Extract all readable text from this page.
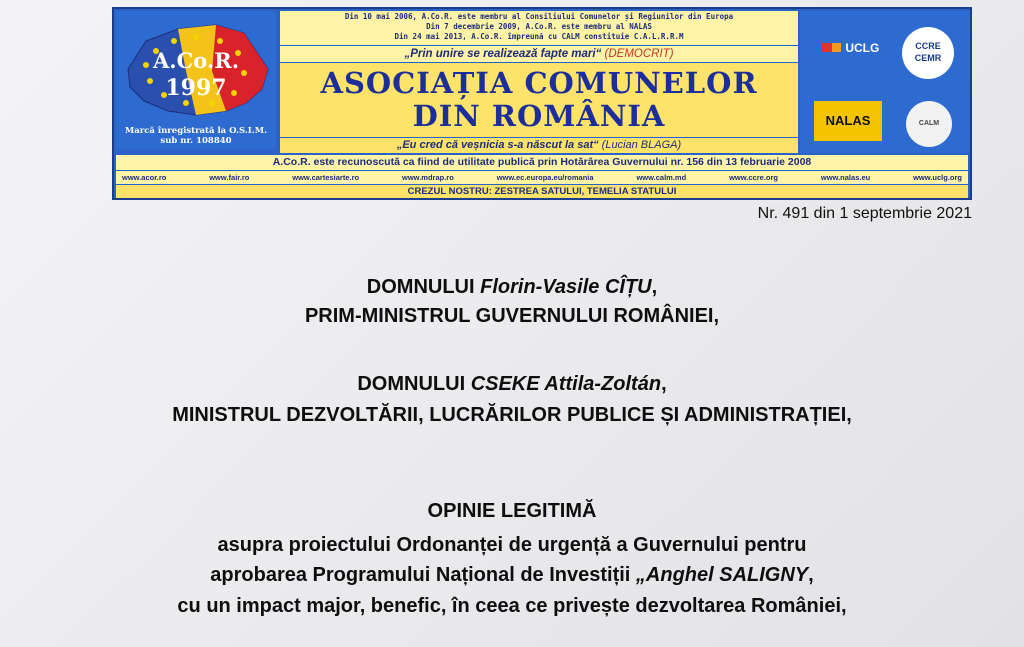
A.Co.R.
1997
Marcă înregistrată la O.S.I.M. sub nr. 108840
Din 10 mai 2006, A.Co.R. este membru al Consiliului Comunelor și Regiunilor din Europa
Din 7 decembrie 2009, A.Co.R. este membru al NALAS
Din 24 mai 2013, A.Co.R. împreună cu CALM constituie C.A.L.R.R.M
„Prin unire se realizează fapte mari“ (DEMOCRIT)
ASOCIAȚIA COMUNELOR
DIN ROMÂNIA
„Eu cred că veșnicia s-a născut la sat“ (Lucian BLAGA)
UCLG	CCRE CEMR
NALAS	CALM
A.Co.R. este recunoscută ca fiind de utilitate publică prin Hotărârea Guvernului nr. 156 din 13 februarie 2008
www.acor.ro	www.fair.ro	www.cartesiarte.ro	www.mdrap.ro	www.ec.europa.eu/romania	www.calm.md	www.ccre.org	www.nalas.eu	www.uclg.org
CREZUL NOSTRU: ZESTREA SATULUI, TEMELIA STATULUI
Nr. 491 din 1 septembrie 2021
DOMNULUI Florin-Vasile CÎȚU,
PRIM-MINISTRUL GUVERNULUI ROMÂNIEI,
DOMNULUI CSEKE Attila-Zoltán,
MINISTRUL DEZVOLTĂRII, LUCRĂRILOR PUBLICE ȘI ADMINISTRAȚIEI,
OPINIE LEGITIMĂ
asupra proiectului Ordonanței de urgență a Guvernului pentru
aprobarea Programului Național de Investiții „Anghel SALIGNY,
cu un impact major, benefic, în ceea ce privește dezvoltarea României,
